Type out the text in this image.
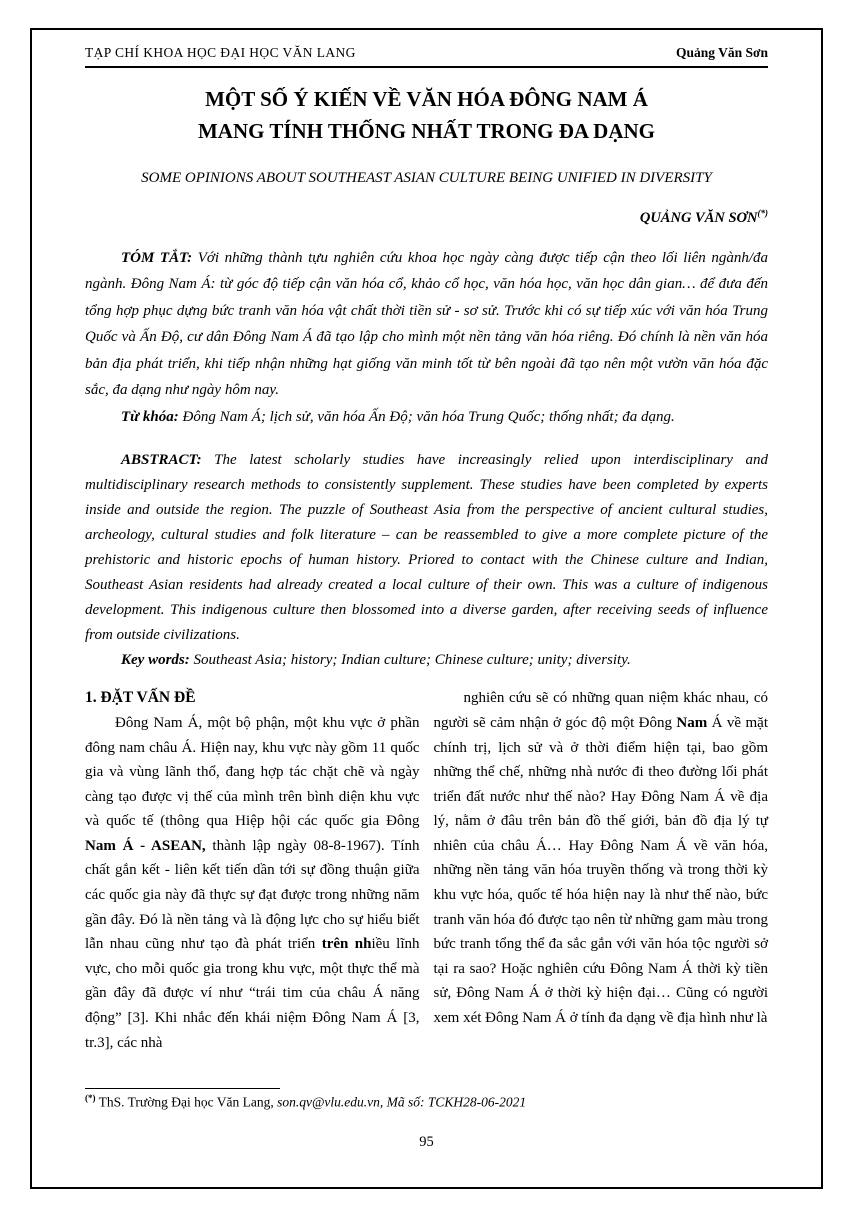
TẠP CHÍ KHOA HỌC ĐẠI HỌC VĂN LANG	Quảng Văn Sơn
MỘT SỐ Ý KIẾN VỀ VĂN HÓA ĐÔNG NAM Á
MANG TÍNH THỐNG NHẤT TRONG ĐA DẠNG
SOME OPINIONS ABOUT SOUTHEAST ASIAN CULTURE BEING UNIFIED IN DIVERSITY
QUẢNG VĂN SƠN(*)

TÓM TẮT: Với những thành tựu nghiên cứu khoa học ngày càng được tiếp cận theo lối liên ngành/đa ngành. Đông Nam Á: từ góc độ tiếp cận văn hóa cổ, khảo cổ học, văn hóa học, văn học dân gian… để đưa đến tổng hợp phục dựng bức tranh văn hóa vật chất thời tiền sử - sơ sử. Trước khi có sự tiếp xúc với văn hóa Trung Quốc và Ấn Độ, cư dân Đông Nam Á đã tạo lập cho mình một nền tảng văn hóa riêng. Đó chính là nền văn hóa bản địa phát triển, khi tiếp nhận những hạt giống văn minh tốt từ bên ngoài đã tạo nên một vườn văn hóa đặc sắc, đa dạng như ngày hôm nay.

Từ khóa: Đông Nam Á; lịch sử, văn hóa Ấn Độ; văn hóa Trung Quốc; thống nhất; đa dạng.

ABSTRACT: The latest scholarly studies have increasingly relied upon interdisciplinary and multidisciplinary research methods to consistently supplement. These studies have been completed by experts inside and outside the region. The puzzle of Southeast Asia from the perspective of ancient cultural studies, archeology, cultural studies and folk literature – can be reassembled to give a more complete picture of the prehistoric and historic epochs of human history. Priored to contact with the Chinese culture and Indian, Southeast Asian residents had already created a local culture of their own. This was a culture of indigenous development. This indigenous culture then blossomed into a diverse garden, after receiving seeds of influence from outside civilizations.

Key words: Southeast Asia; history; Indian culture; Chinese culture; unity; diversity.

1. ĐẶT VẤN ĐỀ

Đông Nam Á, một bộ phận, một khu vực ở phần đông nam châu Á. Hiện nay, khu vực này gồm 11 quốc gia và vùng lãnh thổ, đang hợp tác chặt chẽ và ngày càng tạo được vị thế của mình trên bình diện khu vực và quốc tế (thông qua Hiệp hội các quốc gia Đông Nam Á - ASEAN, thành lập ngày 08-8-1967). Tính chất gắn kết - liên kết tiến dần tới sự đồng thuận giữa các quốc gia này đã thực sự đạt được trong những năm gần đây. Đó là nền tảng và là động lực cho sự hiểu biết lẫn nhau cũng như tạo đà phát triển trên nhiều lĩnh vực, cho mỗi quốc gia trong khu vực, một thực thể mà gần đây đã được ví như “trái tim của châu Á năng động” [3]. Khi nhắc đến khái niệm Đông Nam Á [3, tr.3], các nhà

nghiên cứu sẽ có những quan niệm khác nhau, có người sẽ cảm nhận ở góc độ một Đông Nam Á về mặt chính trị, lịch sử và ở thời điểm hiện tại, bao gồm những thể chế, những nhà nước đi theo đường lối phát triển đất nước như thế nào? Hay Đông Nam Á về địa lý, nằm ở đâu trên bản đồ thế giới, bản đồ địa lý tự nhiên của châu Á… Hay Đông Nam Á về văn hóa, những nền tảng văn hóa truyền thống và trong thời kỳ khu vực hóa, quốc tế hóa hiện nay là như thế nào, bức tranh văn hóa đó được tạo nên từ những gam màu trong bức tranh tổng thể đa sắc gắn với văn hóa tộc người sở tại ra sao? Hoặc nghiên cứu Đông Nam Á thời kỳ tiền sử, Đông Nam Á ở thời kỳ hiện đại… Cũng có người xem xét Đông Nam Á ở tính đa dạng về địa hình như là

(*) ThS. Trường Đại học Văn Lang, son.qv@vlu.edu.vn, Mã số: TCKH28-06-2021

95
